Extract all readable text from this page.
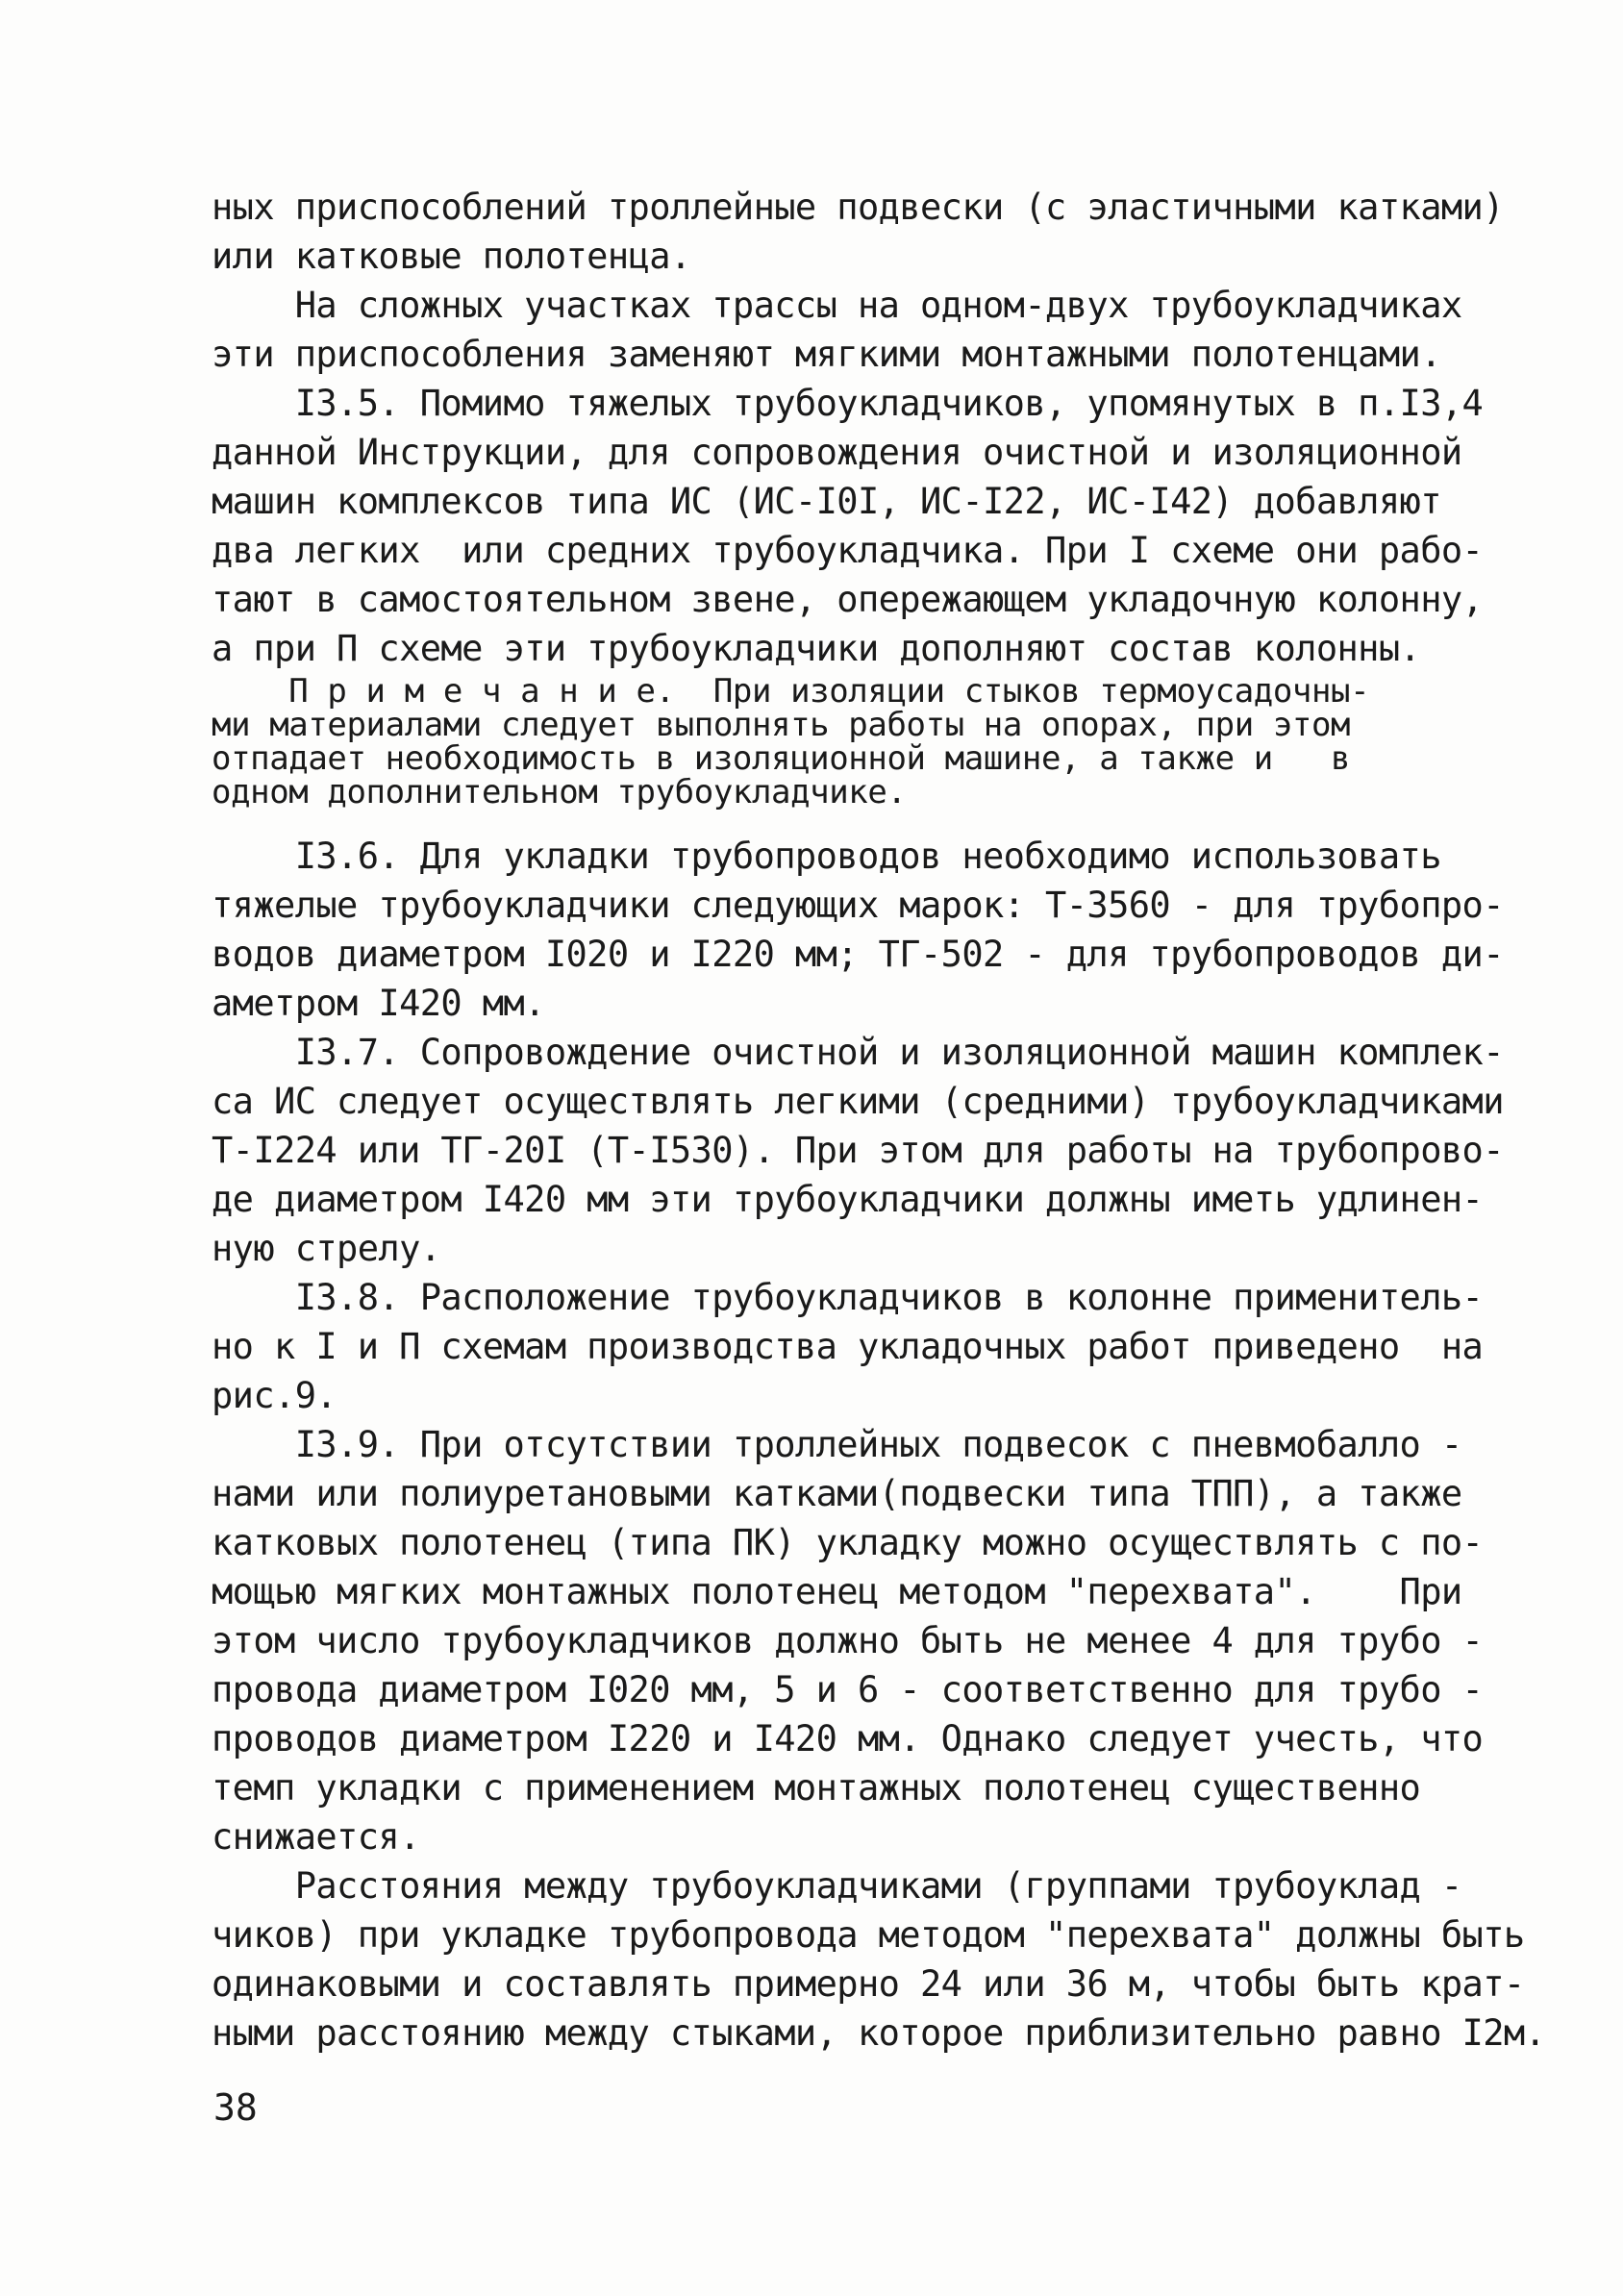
ных приспособлений троллейные подвески (с эластичными катками)
или катковые полотенца.
На сложных участках трассы на одном-двух трубоукладчиках
эти приспособления заменяют мягкими монтажными полотенцами.
I3.5. Помимо тяжелых трубоукладчиков, упомянутых в п.I3,4
данной Инструкции, для сопровождения очистной и изоляционной
машин комплексов типа ИС (ИС-I0I, ИС-I22, ИС-I42) добавляют
два легких  или средних трубоукладчика. При I схеме они рабо-
тают в самостоятельном звене, опережающем укладочную колонну,
а при П схеме эти трубоукладчики дополняют состав колонны.
П р и м е ч а н и е.  При изоляции стыков термоусадочны-
ми материалами следует выполнять работы на опорах, при этом
отпадает необходимость в изоляционной машине, а также и   в
одном дополнительном трубоукладчике.
I3.6. Для укладки трубопроводов необходимо использовать
тяжелые трубоукладчики следующих марок: Т-3560 - для трубопро-
водов диаметром I020 и I220 мм; ТГ-502 - для трубопроводов ди-
аметром I420 мм.
I3.7. Сопровождение очистной и изоляционной машин комплек-
са ИС следует осуществлять легкими (средними) трубоукладчиками
Т-I224 или ТГ-20I (Т-I530). При этом для работы на трубопрово-
де диаметром I420 мм эти трубоукладчики должны иметь удлинен-
ную стрелу.
I3.8. Расположение трубоукладчиков в колонне применитель-
но к I и П схемам производства укладочных работ приведено  на
рис.9.
I3.9. При отсутствии троллейных подвесок с пневмобалло -
нами или полиуретановыми катками(подвески типа ТПП), а также
катковых полотенец (типа ПК) укладку можно осуществлять с по-
мощью мягких монтажных полотенец методом "перехвата".    При
этом число трубоукладчиков должно быть не менее 4 для трубо -
провода диаметром I020 мм, 5 и 6 - соответственно для трубо -
проводов диаметром I220 и I420 мм. Однако следует учесть, что
темп укладки с применением монтажных полотенец существенно
снижается.
Расстояния между трубоукладчиками (группами трубоуклад -
чиков) при укладке трубопровода методом "перехвата" должны быть
одинаковыми и составлять примерно 24 или 36 м, чтобы быть крат-
ными расстоянию между стыками, которое приблизительно равно I2м.
38
